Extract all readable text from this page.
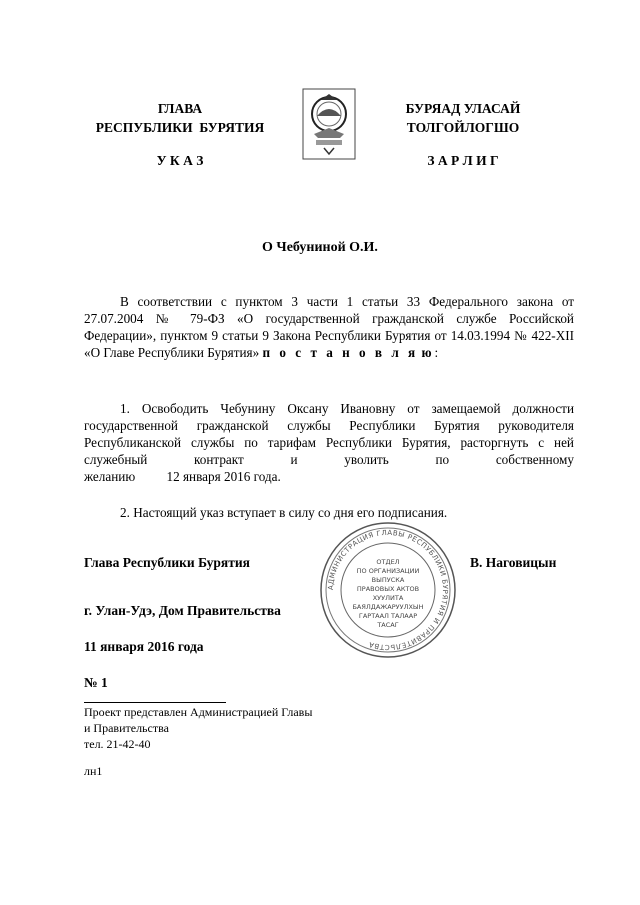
ГЛАВА
РЕСПУБЛИКИ  БУРЯТИЯ
У К А З
БУРЯАД УЛАСАЙ
ТОЛГОЙЛОГШО
З А Р Л И Г
О Чебуниной О.И.
В соответствии с пунктом 3 части 1 статьи 33 Федерального закона от 27.07.2004 № 79-ФЗ «О государственной гражданской службе Российской Федерации», пунктом 9 статьи 9 Закона Республики Бурятия от 14.03.1994 № 422-XII «О Главе Республики Бурятия» п о с т а н о в л я ю:
1. Освободить Чебунину Оксану Ивановну от замещаемой должности государственной гражданской службы Республики Бурятия руководителя Республиканской службы по тарифам Республики Бурятия, расторгнуть с ней служебный контракт и уволить по собственному
желанию 12 января 2016 года.
2. Настоящий указ вступает в силу со дня его подписания.
Глава Республики Бурятия	В. Наговицын
АДМИНИСТРАЦИЯ ГЛАВЫ РЕСПУБЛИКИ БУРЯТИЯ И ПРАВИТЕЛЬСТВА
ОТДЕЛ
ПО ОРГАНИЗАЦИИ
ВЫПУСКА
ПРАВОВЫХ АКТОВ
ХУУЛИТА
БАЯЛДАЖАРУУЛХЫН
ГАРТААЛ ТАЛААР
ТАСАГ
г. Улан-Удэ, Дом Правительства
11 января 2016 года
№ 1
Проект представлен Администрацией Главы
и Правительства
тел. 21-42-40
лн1
